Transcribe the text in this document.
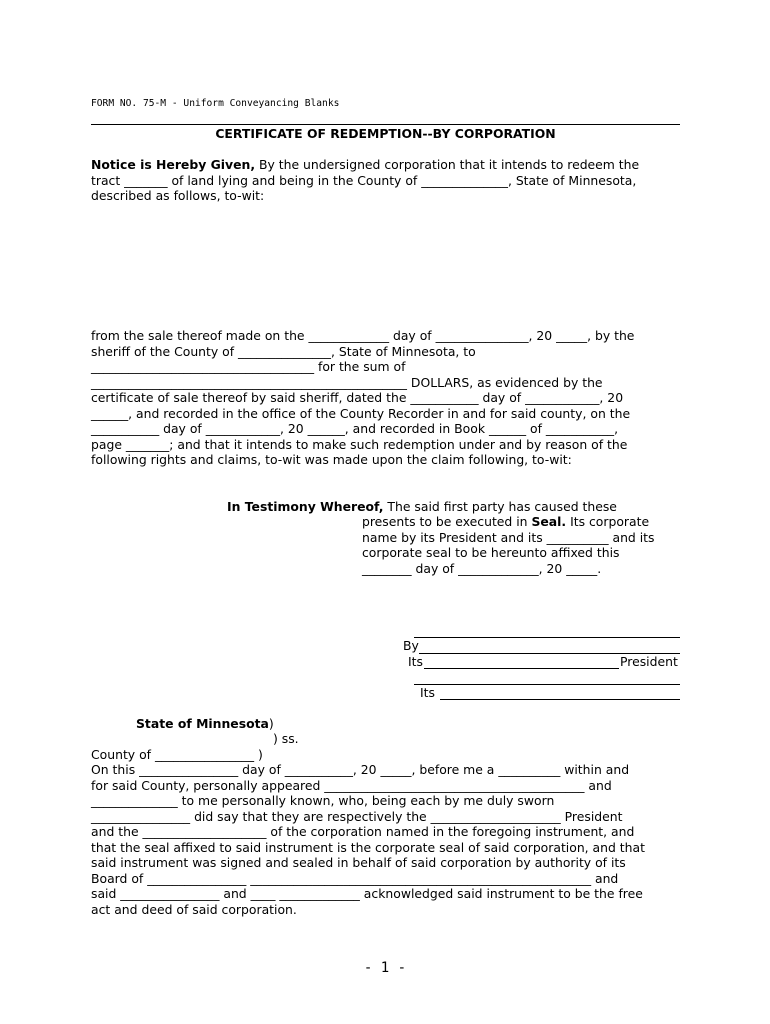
FORM NO. 75-M - Uniform Conveyancing Blanks
CERTIFICATE OF REDEMPTION--BY CORPORATION
Notice is Hereby Given, By the undersigned corporation that it intends to redeem the
tract _______ of land lying and being in the County of ______________, State of Minnesota,
described as follows, to-wit:
from the sale thereof made on the _____________ day of _______________, 20 _____, by the
sheriff of the County of _______________, State of Minnesota, to
____________________________________ for the sum of
___________________________________________________ DOLLARS, as evidenced by the
certificate of sale thereof by said sheriff, dated the ___________ day of ____________, 20
______, and recorded in the office of the County Recorder in and for said county, on the
___________ day of ____________, 20 ______, and recorded in Book ______ of ___________,
page _______; and that it intends to make such redemption under and by reason of the
following rights and claims, to-wit was made upon the claim following, to-wit:
In Testimony Whereof, The said first party has caused these
presents to be executed in Seal. Its corporate
name by its President and its __________ and its
corporate seal to be hereunto affixed this
________ day of _____________, 20 _____.
By
Its	President
Its
State of Minnesota)
) ss.
County of ________________ )
On this ________________ day of ___________, 20 _____, before me a __________ within and
for said County, personally appeared __________________________________________ and
______________ to me personally known, who, being each by me duly sworn
________________ did say that they are respectively the _____________________ President
and the ____________________ of the corporation named in the foregoing instrument, and
that the seal affixed to said instrument is the corporate seal of said corporation, and that
said instrument was signed and sealed in behalf of said corporation by authority of its
Board of ________________ _______________________________________________________ and
said ________________ and ____ _____________ acknowledged said instrument to be the free
act and deed of said corporation.
- 1 -
